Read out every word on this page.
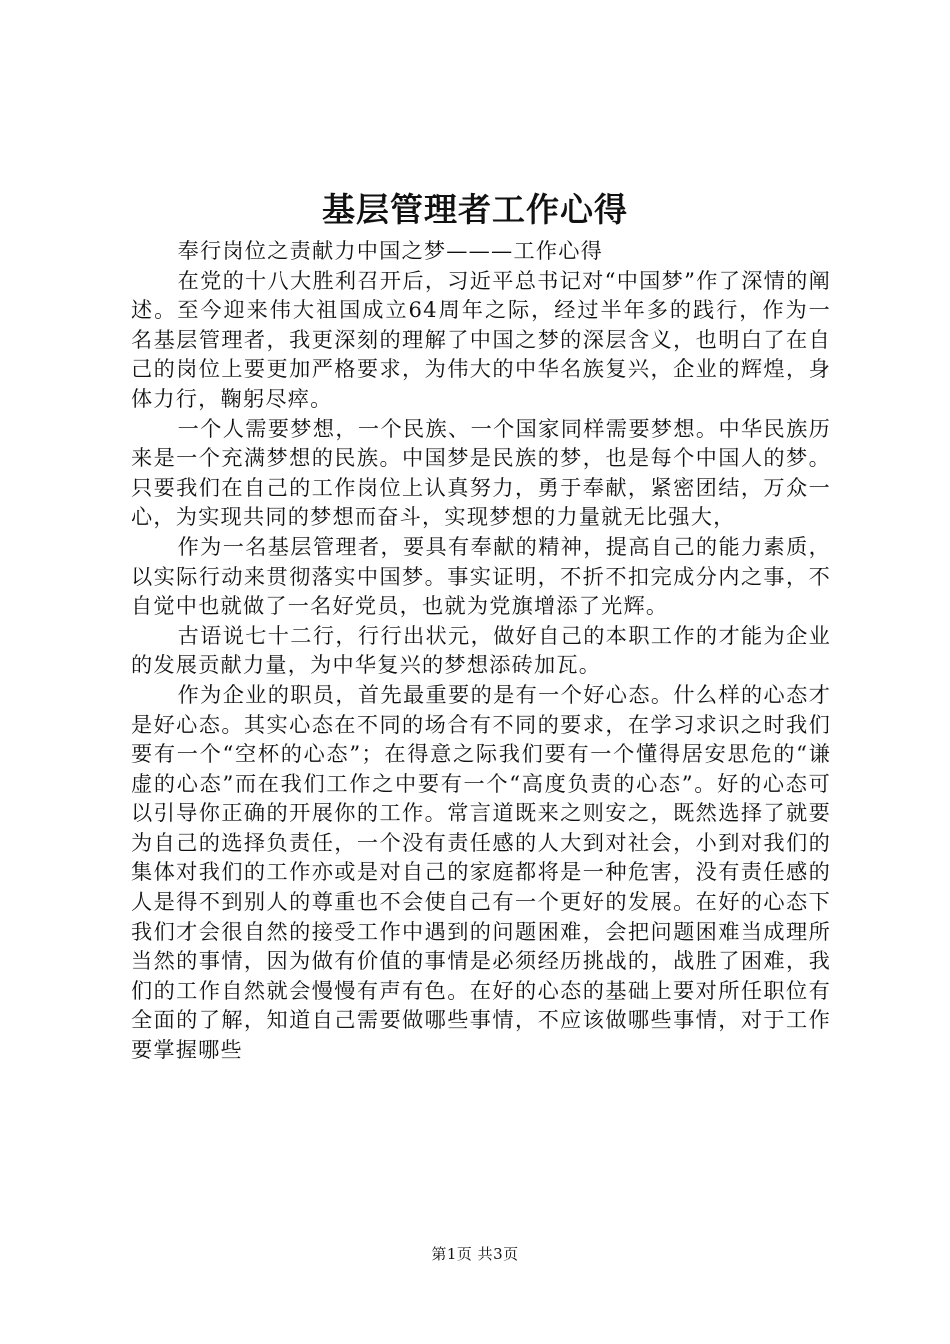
基层管理者工作心得

奉行岗位之责献力中国之梦———工作心得

在党的十八大胜利召开后，习近平总书记对“中国梦”作了深情的阐述。至今迎来伟大祖国成立64周年之际，经过半年多的践行，作为一名基层管理者，我更深刻的理解了中国之梦的深层含义，也明白了在自己的岗位上要更加严格要求，为伟大的中华名族复兴，企业的辉煌，身体力行，鞠躬尽瘁。

一个人需要梦想，一个民族、一个国家同样需要梦想。中华民族历来是一个充满梦想的民族。中国梦是民族的梦，也是每个中国人的梦。只要我们在自己的工作岗位上认真努力，勇于奉献，紧密团结，万众一心，为实现共同的梦想而奋斗，实现梦想的力量就无比强大，

作为一名基层管理者，要具有奉献的精神，提高自己的能力素质，以实际行动来贯彻落实中国梦。事实证明，不折不扣完成分内之事，不自觉中也就做了一名好党员，也就为党旗增添了光辉。

古语说七十二行，行行出状元，做好自己的本职工作的才能为企业的发展贡献力量，为中华复兴的梦想添砖加瓦。

作为企业的职员，首先最重要的是有一个好心态。什么样的心态才是好心态。其实心态在不同的场合有不同的要求，在学习求识之时我们要有一个“空杯的心态”；在得意之际我们要有一个懂得居安思危的“谦虚的心态”而在我们工作之中要有一个“高度负责的心态”。好的心态可以引导你正确的开展你的工作。常言道既来之则安之，既然选择了就要为自己的选择负责任，一个没有责任感的人大到对社会，小到对我们的集体对我们的工作亦或是对自己的家庭都将是一种危害，没有责任感的人是得不到别人的尊重也不会使自己有一个更好的发展。在好的心态下我们才会很自然的接受工作中遇到的问题困难，会把问题困难当成理所当然的事情，因为做有价值的事情是必须经历挑战的，战胜了困难，我们的工作自然就会慢慢有声有色。在好的心态的基础上要对所任职位有全面的了解，知道自己需要做哪些事情，不应该做哪些事情，对于工作要掌握哪些

第1页 共3页
